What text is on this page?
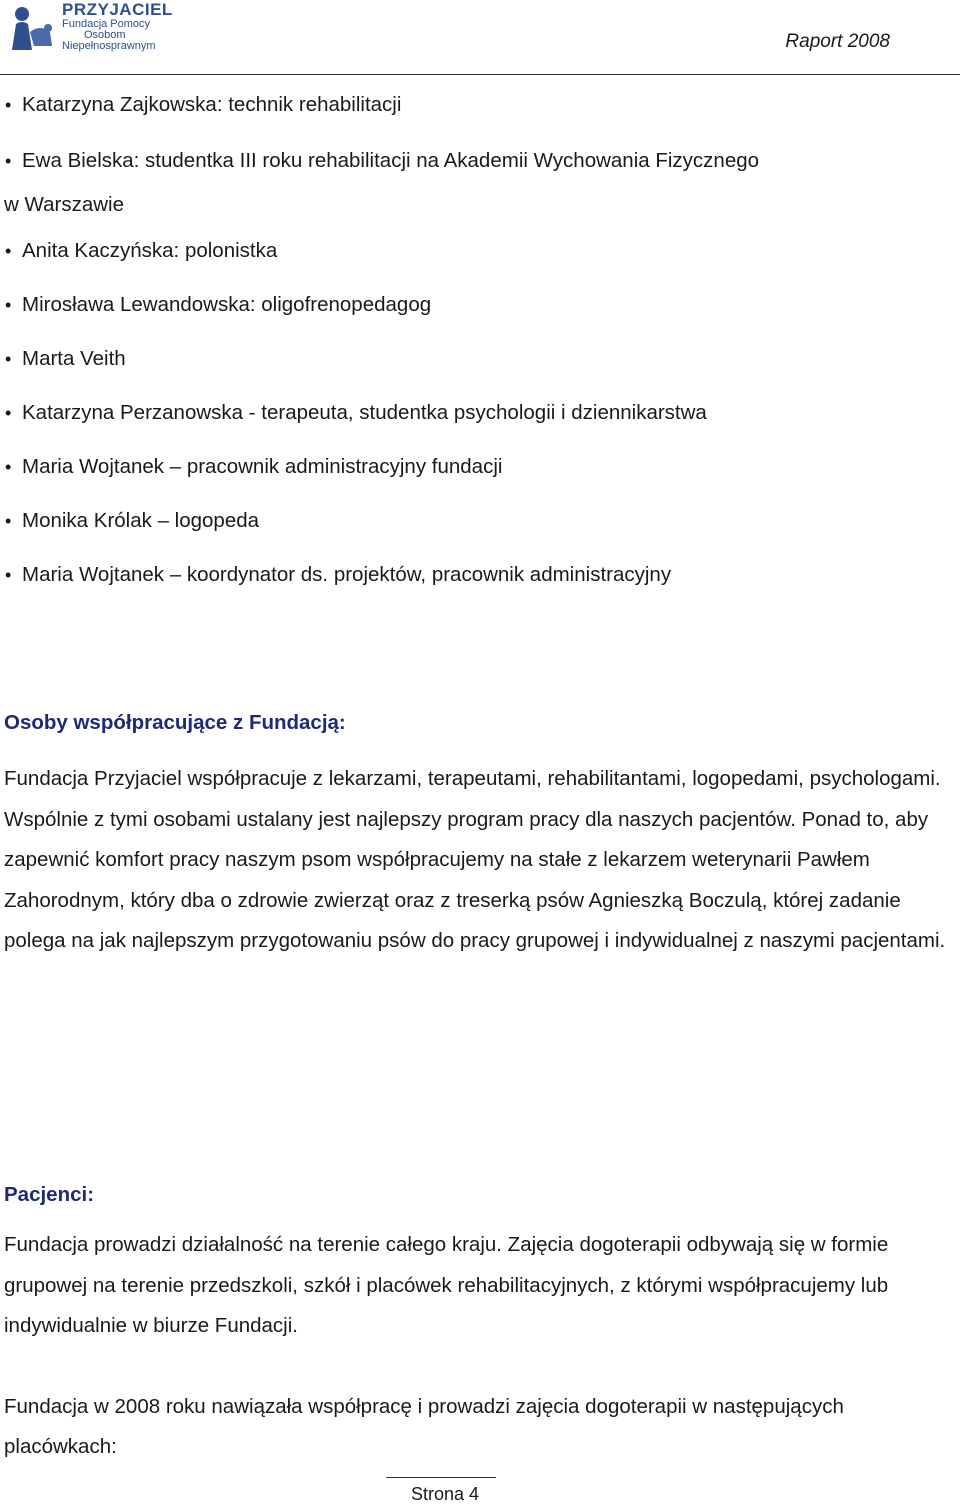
PRZYJACIEL
Fundacja Pomocy
Osobom
Niepełnosprawnym	Raport 2008
• Katarzyna Zajkowska: technik rehabilitacji
• Ewa Bielska: studentka III roku rehabilitacji na Akademii Wychowania Fizycznego
w Warszawie
• Anita Kaczyńska: polonistka
• Mirosława Lewandowska: oligofrenopedagog
• Marta Veith
• Katarzyna Perzanowska - terapeuta, studentka psychologii i dziennikarstwa
• Maria Wojtanek – pracownik administracyjny fundacji
• Monika Królak – logopeda
• Maria Wojtanek – koordynator ds. projektów, pracownik administracyjny
Osoby współpracujące z Fundacją:

Fundacja Przyjaciel współpracuje z lekarzami, terapeutami, rehabilitantami, logopedami, psychologami. Wspólnie z tymi osobami ustalany jest najlepszy program pracy dla naszych pacjentów. Ponad to, aby zapewnić komfort pracy naszym psom współpracujemy na stałe z lekarzem weterynarii Pawłem Zahorodnym, który dba o zdrowie zwierząt oraz z treserką psów Agnieszką Boczulą, której zadanie polega na jak najlepszym przygotowaniu psów do pracy grupowej i indywidualnej z naszymi pacjentami.

Pacjenci:

Fundacja prowadzi działalność na terenie całego kraju. Zajęcia dogoterapii odbywają się w formie grupowej na terenie przedszkoli, szkół i placówek rehabilitacyjnych, z którymi współpracujemy lub indywidualnie w biurze Fundacji.

Fundacja w 2008 roku nawiązała współpracę i prowadzi zajęcia dogoterapii w następujących placówkach:

Strona 4
